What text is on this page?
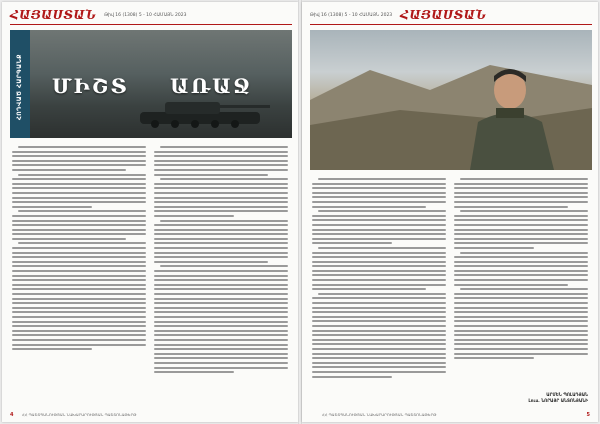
ՀԱՅԱՍՏԱՆ Թիվ 16 (1308) 5 - 10 ՀԱՄԱՅՆ 2023
ՀՈԴՎԱԾ ՀԱՐԳԱՆՔ ՄԻՇՏ ԱՌԱՋ
4 ՀՀ ՊԱՇՏՊԱՆՈՒԹՅԱՆ ՆԱԽԱՐԱՐՈՒԹՅԱՆ ՊԱՇՏՈՆԱԹԵՐԹ
Թիվ 16 (1308) 5 - 10 ՀԱՄԱՅՆ 2023 ՀԱՅԱՍՏԱՆ
ԱՐՄԵՆ ՊՈԼԱԴՅԱՆ
Լուս. ՆՈՐԱՅՐ ԱՆՏՈՆՅԱՆԻ
ՀՀ ՊԱՇՏՊԱՆՈՒԹՅԱՆ ՆԱԽԱՐԱՐՈՒԹՅԱՆ ՊԱՇՏՈՆԱԹԵՐԹ	5
